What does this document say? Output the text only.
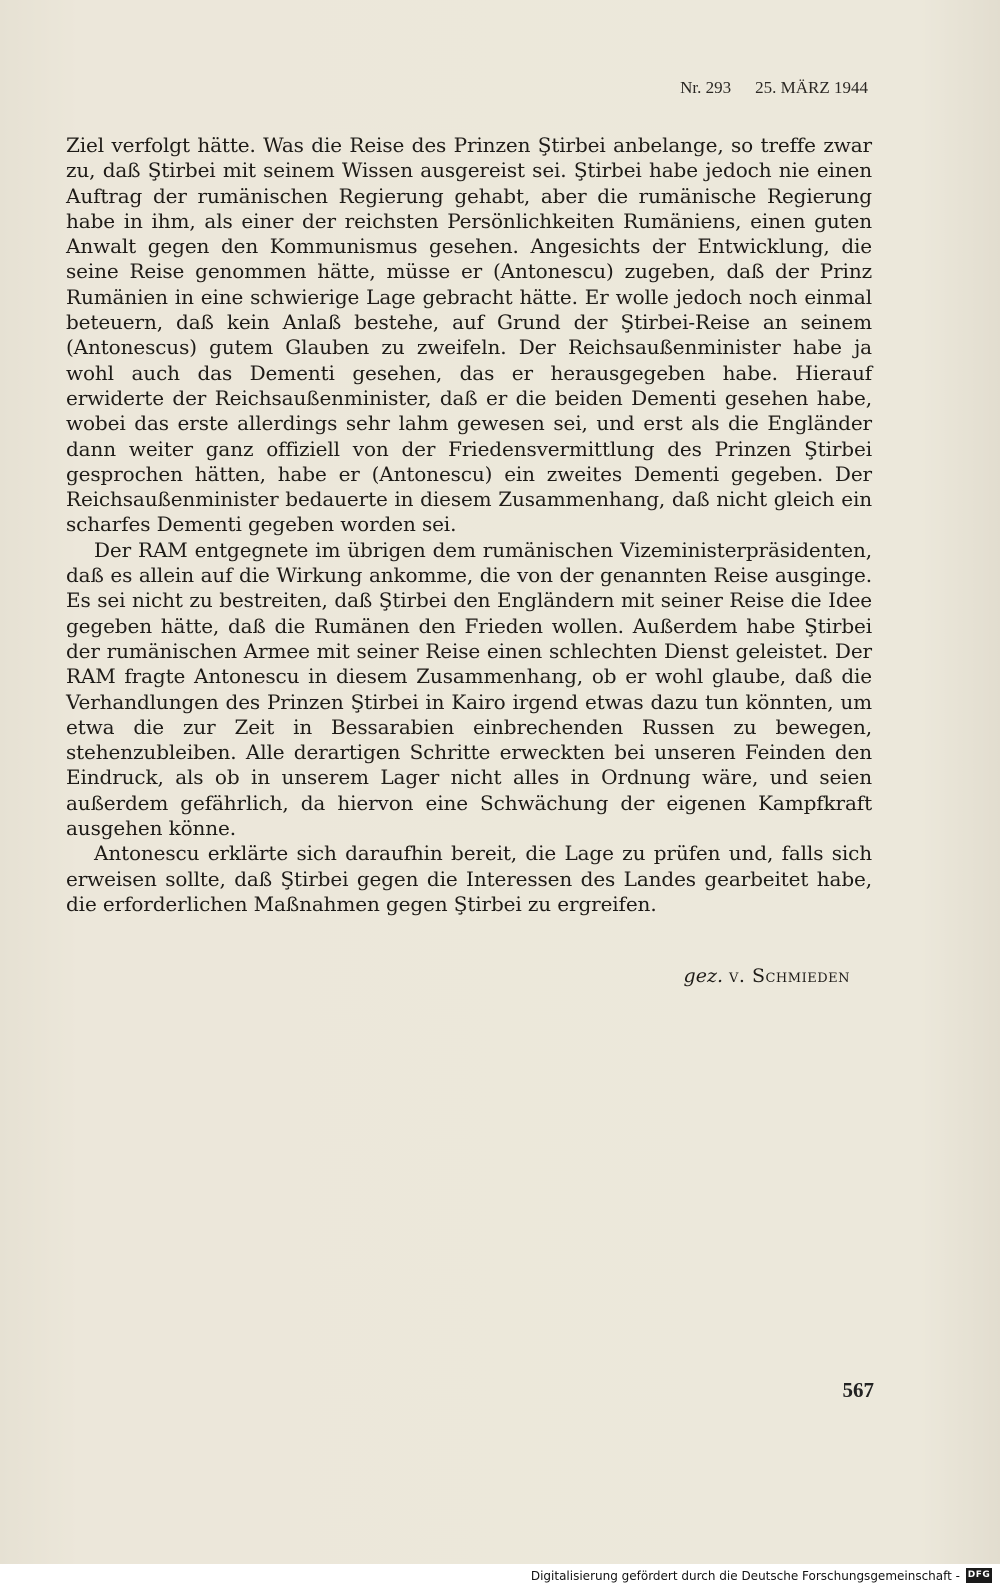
Nr. 293 25. MÄRZ 1944

Ziel verfolgt hätte. Was die Reise des Prinzen Ştirbei anbelange, so treffe zwar zu, daß Ştirbei mit seinem Wissen ausgereist sei. Ştirbei habe jedoch nie einen Auftrag der rumänischen Regierung gehabt, aber die rumänische Regierung habe in ihm, als einer der reichsten Persönlichkeiten Rumäniens, einen guten Anwalt gegen den Kommunismus gesehen. Angesichts der Entwicklung, die seine Reise genommen hätte, müsse er (Antonescu) zugeben, daß der Prinz Rumänien in eine schwierige Lage gebracht hätte. Er wolle jedoch noch einmal beteuern, daß kein Anlaß bestehe, auf Grund der Ştirbei-Reise an seinem (Antonescus) gutem Glauben zu zweifeln. Der Reichsaußenminister habe ja wohl auch das Dementi gesehen, das er herausgegeben habe. Hierauf erwiderte der Reichsaußenminister, daß er die beiden Dementi gesehen habe, wobei das erste allerdings sehr lahm gewesen sei, und erst als die Engländer dann weiter ganz offiziell von der Friedensvermittlung des Prinzen Ştirbei gesprochen hätten, habe er (Antonescu) ein zweites Dementi gegeben. Der Reichsaußenminister bedauerte in diesem Zusammenhang, daß nicht gleich ein scharfes Dementi gegeben worden sei.

Der RAM entgegnete im übrigen dem rumänischen Vizeministerpräsidenten, daß es allein auf die Wirkung ankomme, die von der genannten Reise ausginge. Es sei nicht zu bestreiten, daß Ştirbei den Engländern mit seiner Reise die Idee gegeben hätte, daß die Rumänen den Frieden wollen. Außerdem habe Ştirbei der rumänischen Armee mit seiner Reise einen schlechten Dienst geleistet. Der RAM fragte Antonescu in diesem Zusammenhang, ob er wohl glaube, daß die Verhandlungen des Prinzen Ştirbei in Kairo irgend etwas dazu tun könnten, um etwa die zur Zeit in Bessarabien einbrechenden Russen zu bewegen, stehenzubleiben. Alle derartigen Schritte erweckten bei unseren Feinden den Eindruck, als ob in unserem Lager nicht alles in Ordnung wäre, und seien außerdem gefährlich, da hiervon eine Schwächung der eigenen Kampfkraft ausgehen könne.

Antonescu erklärte sich daraufhin bereit, die Lage zu prüfen und, falls sich erweisen sollte, daß Ştirbei gegen die Interessen des Landes gearbeitet habe, die erforderlichen Maßnahmen gegen Ştirbei zu ergreifen.

gez. v. Schmieden
567
Digitalisierung gefördert durch die Deutsche Forschungsgemeinschaft - DFG
